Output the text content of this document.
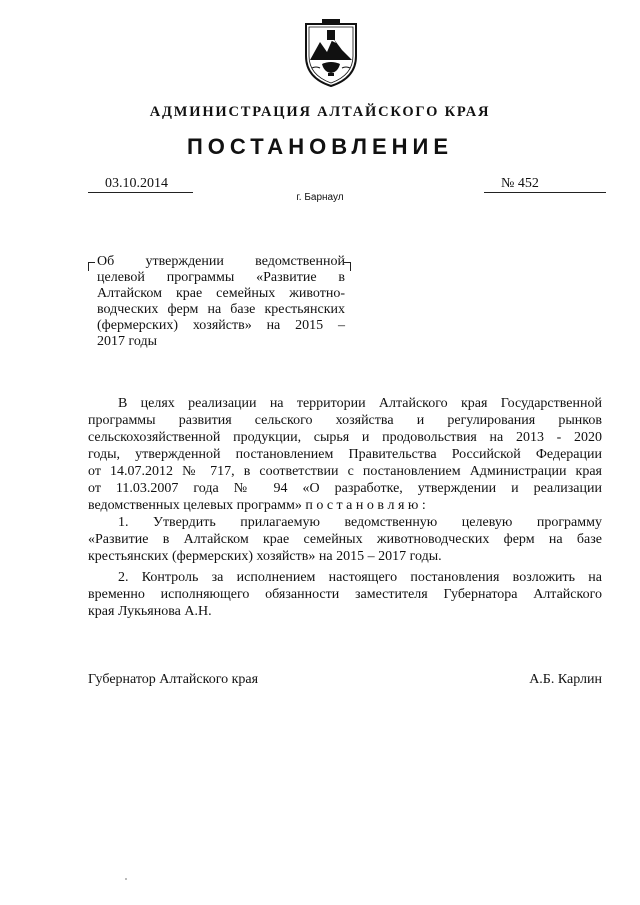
АДМИНИСТРАЦИЯ АЛТАЙСКОГО КРАЯ
ПОСТАНОВЛЕНИЕ
03.10.2014	№ 452
г. Барнаул
Об утверждении ведомственной
целевой программы «Развитие в
Алтайском крае семейных животно-
водческих ферм на базе крестьянских
(фермерских) хозяйств» на 2015 –
2017 годы

В целях реализации на территории Алтайского края Государственной
программы развития сельского хозяйства и регулирования рынков
сельскохозяйственной продукции, сырья и продовольствия на 2013 - 2020
годы, утвержденной постановлением Правительства Российской Федерации
от 14.07.2012 № 717, в соответствии с постановлением Администрации края
от 11.03.2007 года № 94 «О разработке, утверждении и реализации
ведомственных целевых программ» п о с т а н о в л я ю :

1. Утвердить прилагаемую ведомственную целевую программу
«Развитие в Алтайском крае семейных животноводческих ферм на базе
крестьянских (фермерских) хозяйств» на 2015 – 2017 годы.

2. Контроль за исполнением настоящего постановления возложить на
временно исполняющего обязанности заместителя Губернатора Алтайского
края Лукьянова А.Н.

Губернатор Алтайского края	А.Б. Карлин
